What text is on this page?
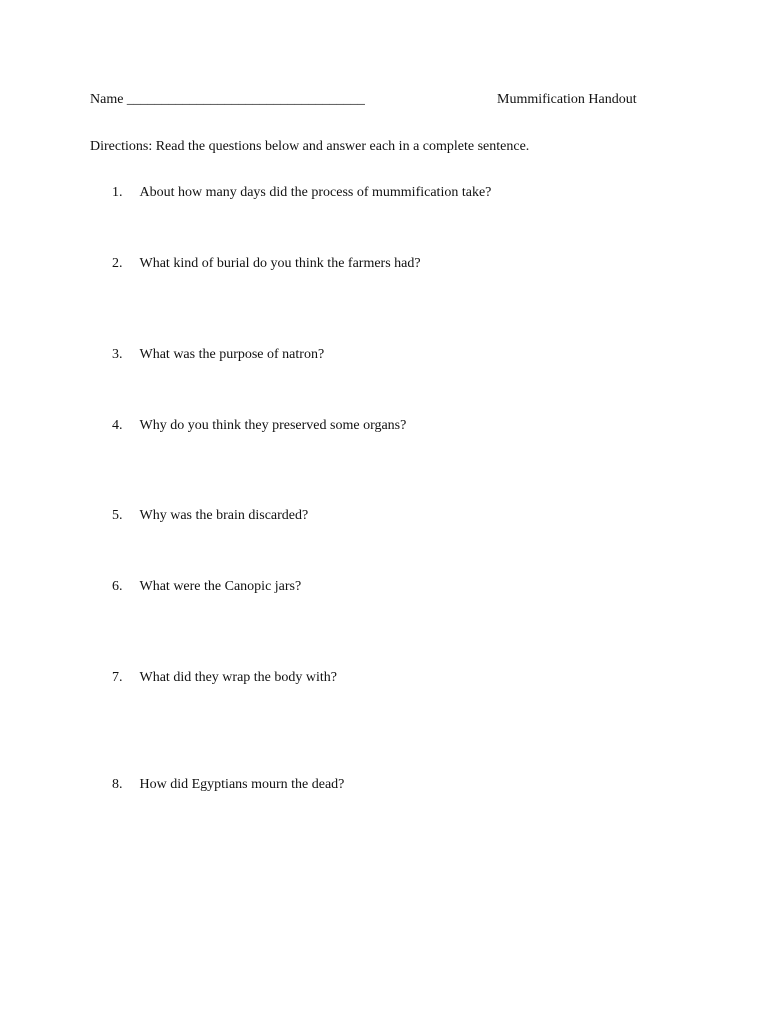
Name __________________________________	Mummification Handout
Directions: Read the questions below and answer each in a complete sentence.
1. About how many days did the process of mummification take?
2. What kind of burial do you think the farmers had?
3. What was the purpose of natron?
4. Why do you think they preserved some organs?
5. Why was the brain discarded?
6. What were the Canopic jars?
7. What did they wrap the body with?
8. How did Egyptians mourn the dead?
